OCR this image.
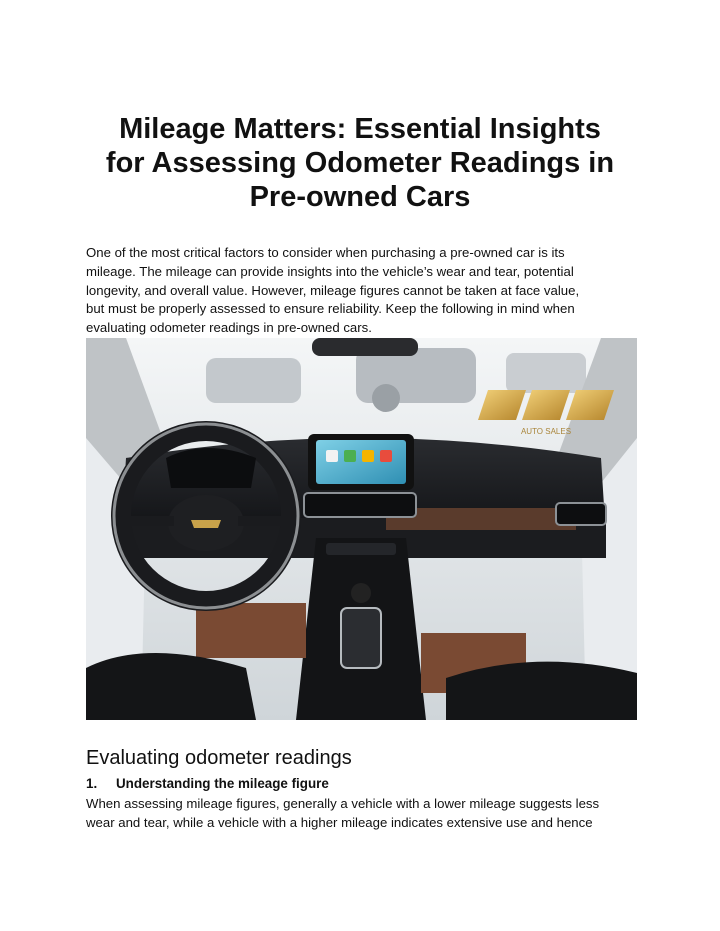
Mileage Matters: Essential Insights
for Assessing Odometer Readings in
Pre-owned Cars

One of the most critical factors to consider when purchasing a pre-owned car is its
mileage. The mileage can provide insights into the vehicle’s wear and tear, potential
longevity, and overall value. However, mileage figures cannot be taken at face value,
but must be properly assessed to ensure reliability. Keep the following in mind when
evaluating odometer readings in pre-owned cars.

AUTO SALES
Evaluating odometer readings

1. Understanding the mileage figure

When assessing mileage figures, generally a vehicle with a lower mileage suggests less
wear and tear, while a vehicle with a higher mileage indicates extensive use and hence
